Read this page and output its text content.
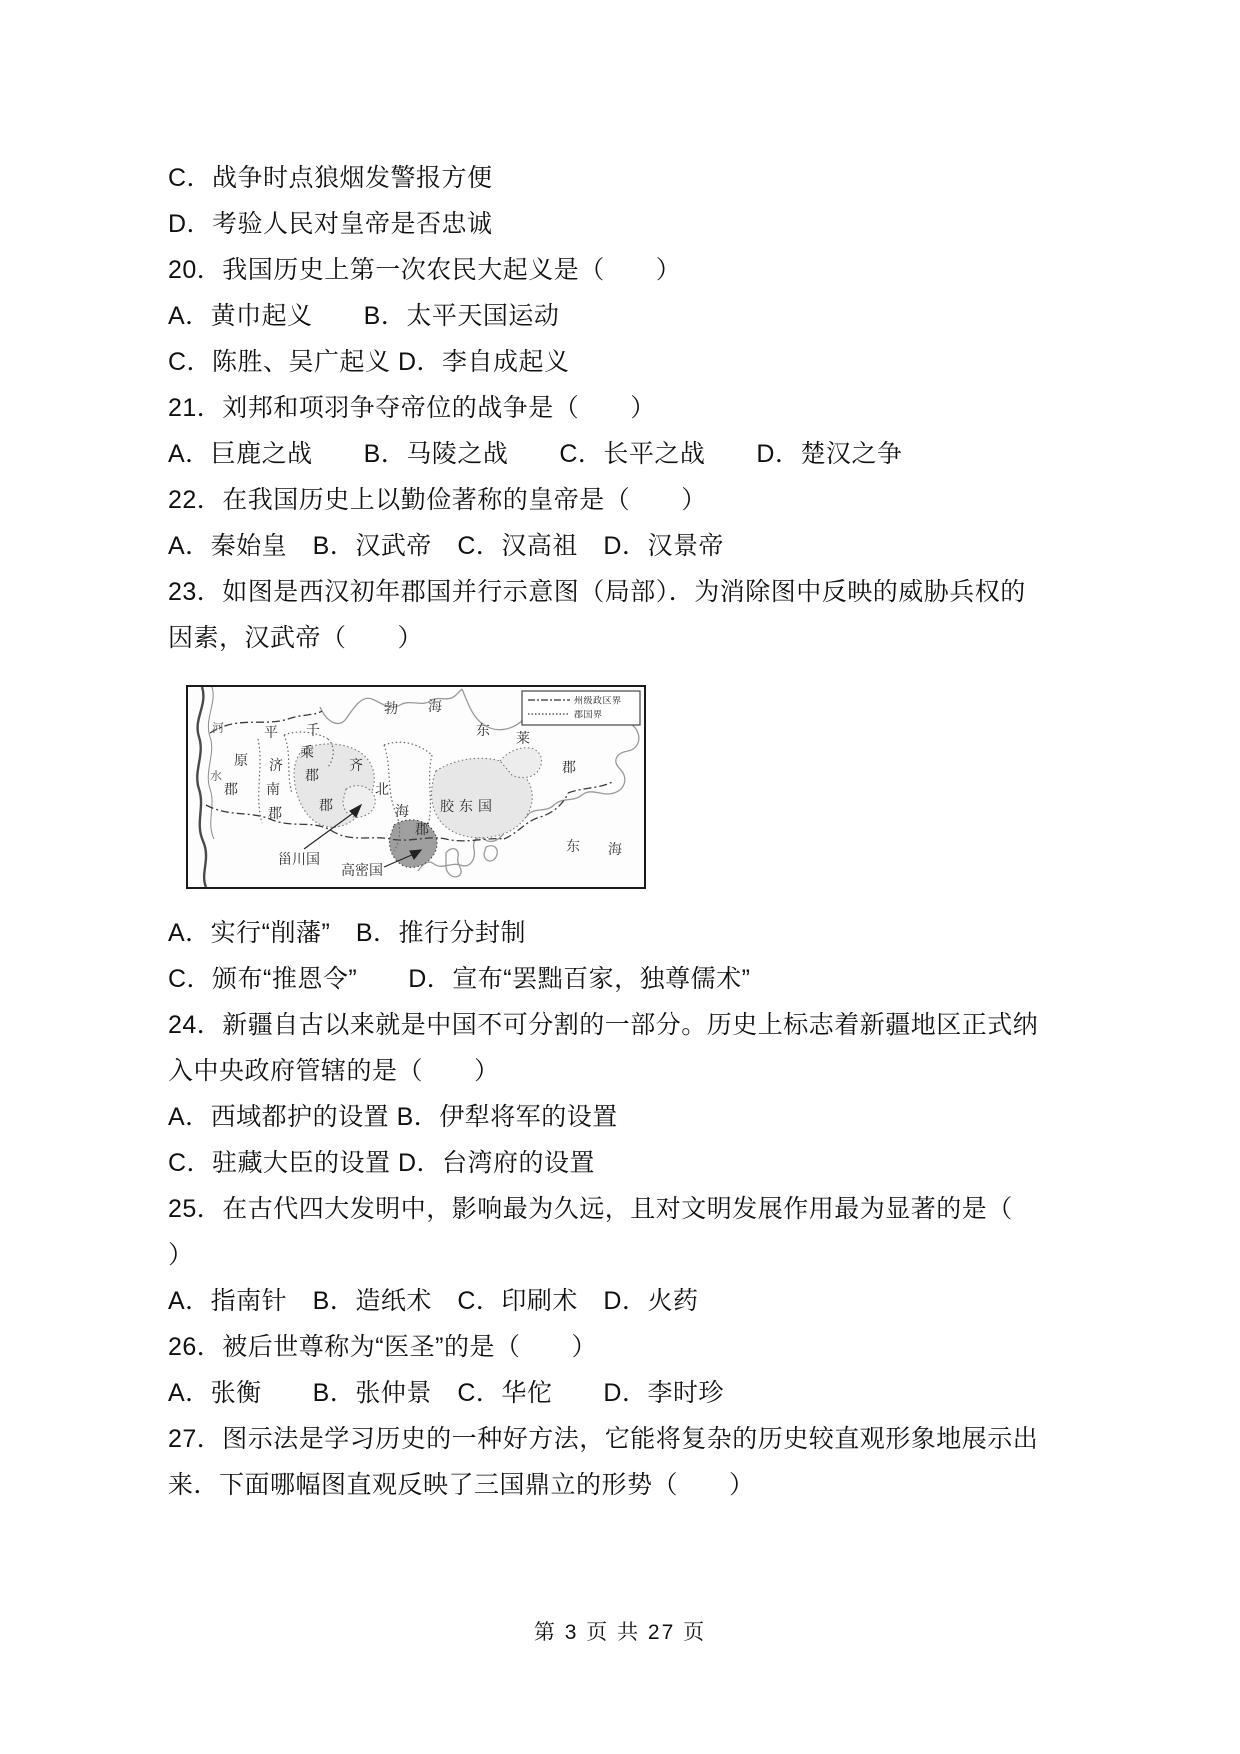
C．战争时点狼烟发警报方便
D．考验人民对皇帝是否忠诚
20．我国历史上第一次农民大起义是（　　）
A．黄巾起义　　B．太平天国运动
C．陈胜、吴广起义 D．李自成起义
21．刘邦和项羽争夺帝位的战争是（　　）
A．巨鹿之战　　B．马陵之战　　C．长平之战　　D．楚汉之争
22．在我国历史上以勤俭著称的皇帝是（　　）
A．秦始皇　B．汉武帝　C．汉高祖　D．汉景帝
23．如图是西汉初年郡国并行示意图（局部）．为消除图中反映的威胁兵权的
因素，汉武帝（　　）
州级政区界
郡国界
勃 海
东 海
河
水
平
原
郡
千
乘
郡
济
南
郡
齐
郡
北
海
郡
胶东国
东 莱
郡
甾川国
高密国
A．实行“削藩”　B．推行分封制
C．颁布“推恩令”　　D．宣布“罢黜百家，独尊儒术”
24．新疆自古以来就是中国不可分割的一部分。历史上标志着新疆地区正式纳
入中央政府管辖的是（　　）
A．西域都护的设置 B．伊犁将军的设置
C．驻藏大臣的设置 D．台湾府的设置
25．在古代四大发明中，影响最为久远，且对文明发展作用最为显著的是（
）
A．指南针　B．造纸术　C．印刷术　D．火药
26．被后世尊称为“医圣”的是（　　）
A．张衡　　B．张仲景　C．华佗　　D．李时珍
27．图示法是学习历史的一种好方法，它能将复杂的历史较直观形象地展示出
来．下面哪幅图直观反映了三国鼎立的形势（　　）
第 3 页 共 27 页
